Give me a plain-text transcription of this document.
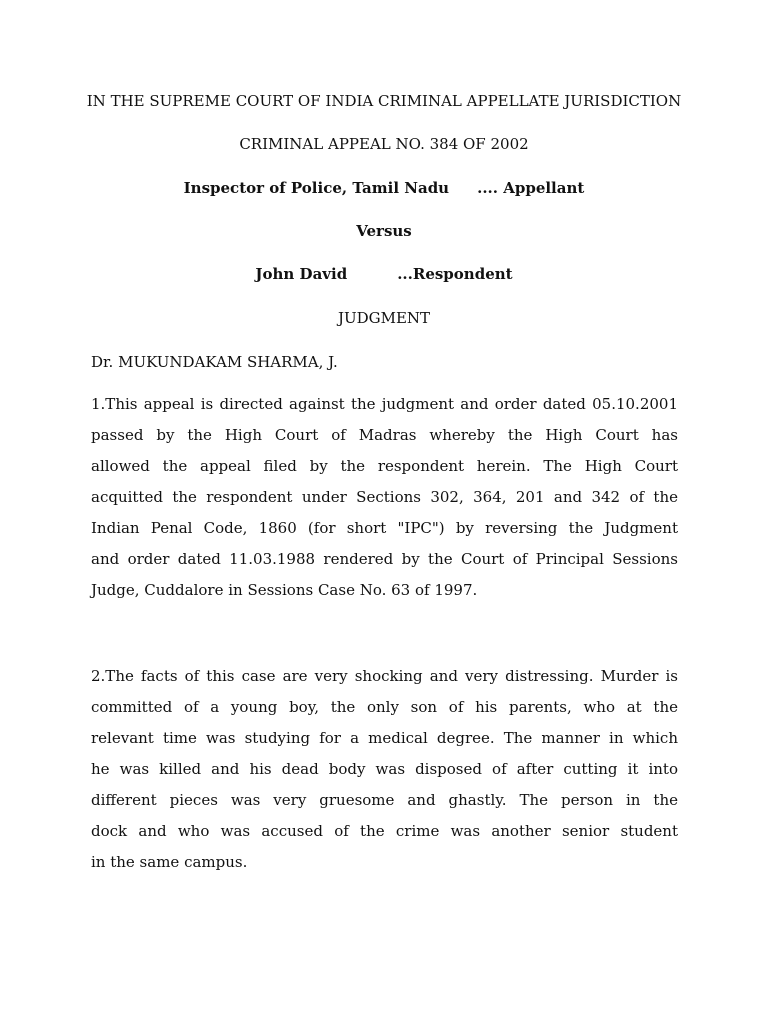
IN THE SUPREME COURT OF INDIA CRIMINAL APPELLATE JURISDICTION
CRIMINAL APPEAL NO. 384 OF 2002
Inspector of Police, Tamil Nadu .... Appellant
Versus
John David	...Respondent
JUDGMENT
Dr. MUKUNDAKAM SHARMA, J.
1.This appeal is directed against the judgment and order dated 05.10.2001
passed by the High Court of Madras whereby the High Court has
allowed the appeal filed by the respondent herein. The High Court
acquitted the respondent under Sections 302, 364, 201 and 342 of the
Indian Penal Code, 1860 (for short "IPC") by reversing the Judgment
and order dated 11.03.1988 rendered by the Court of Principal Sessions
Judge, Cuddalore in Sessions Case No. 63 of 1997.
2.The facts of this case are very shocking and very distressing. Murder is
committed of a young boy, the only son of his parents, who at the
relevant time was studying for a medical degree. The manner in which
he was killed and his dead body was disposed of after cutting it into
different pieces was very gruesome and ghastly. The person in the
dock and who was accused of the crime was another senior student
in the same campus.
